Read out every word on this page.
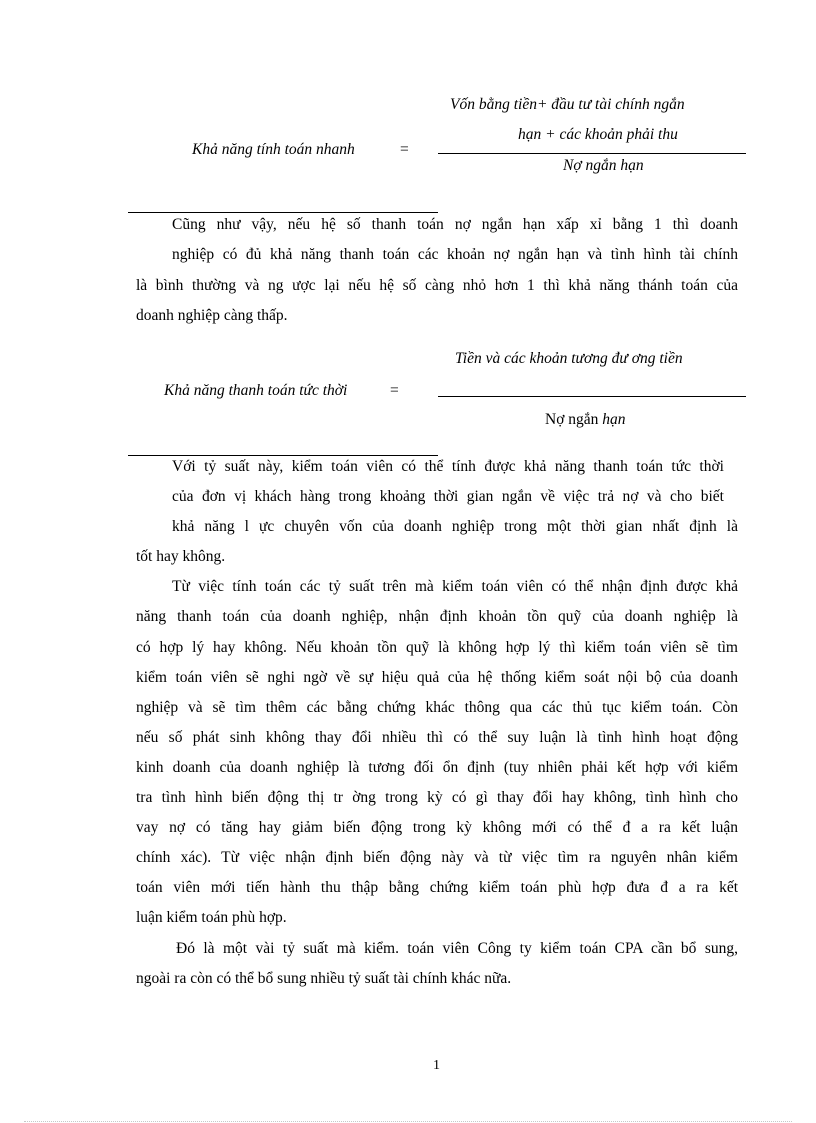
Khả năng tính toán nhanh	=
Vốn bằng tiền+ đầu tư tài chính ngắn
hạn + các khoản phải thu
Nợ ngắn hạn
Cũng như vậy, nếu hệ số thanh toán nợ ngắn hạn xấp xỉ bằng 1 thì doanh
nghiệp có đủ khả năng thanh toán các khoản nợ ngắn hạn và tình hình tài chính
là bình thường và ng ược lại nếu hệ số càng nhỏ hơn 1 thì khả năng thánh toán của
doanh nghiệp càng thấp.
Khả năng thanh toán tức thời	=
Tiền và các khoản tương đư ơng tiền
Nợ ngắn hạn
Với tỷ suất này, kiểm toán viên có thể tính được khả năng thanh toán tức thời
của đơn vị khách hàng trong khoảng thời gian ngắn về việc trả nợ và cho biết
khả năng l ực chuyên vốn của doanh nghiệp trong một thời gian nhất định là
tốt hay không.
Từ việc tính toán các tỷ suất trên mà kiểm toán viên có thể nhận định được khả
năng thanh toán của doanh nghiệp, nhận định khoản tồn quỹ của doanh nghiệp là
có hợp lý hay không. Nếu khoản tồn quỹ là không hợp lý thì kiểm toán viên sẽ tìm
kiểm toán viên sẽ nghi ngờ về sự hiệu quả của hệ thống kiểm soát nội bộ của doanh
nghiệp và sẽ tìm thêm các bằng chứng khác thông qua các thủ tục kiểm toán. Còn
nếu số phát sinh không thay đổi nhiều thì có thể suy luận là tình hình hoạt động
kinh doanh của doanh nghiệp là tương đối ổn định (tuy nhiên phải kết hợp với kiểm
tra tình hình biến động thị tr ờng trong kỳ có gì thay đổi hay không, tình hình cho
vay nợ có tăng hay giảm biến động trong kỳ không mới có thể đ a ra kết luận
chính xác). Từ việc nhận định biến động này và từ việc tìm ra nguyên nhân kiểm
toán viên mới tiến hành thu thập bằng chứng kiểm toán phù hợp đưa đ a ra kết
luận kiểm toán phù hợp.
Đó là một vài tỷ suất mà kiểm. toán viên Công ty kiểm toán CPA cần bổ sung,
ngoài ra còn có thể bổ sung nhiều tỷ suất tài chính khác nữa.
1
